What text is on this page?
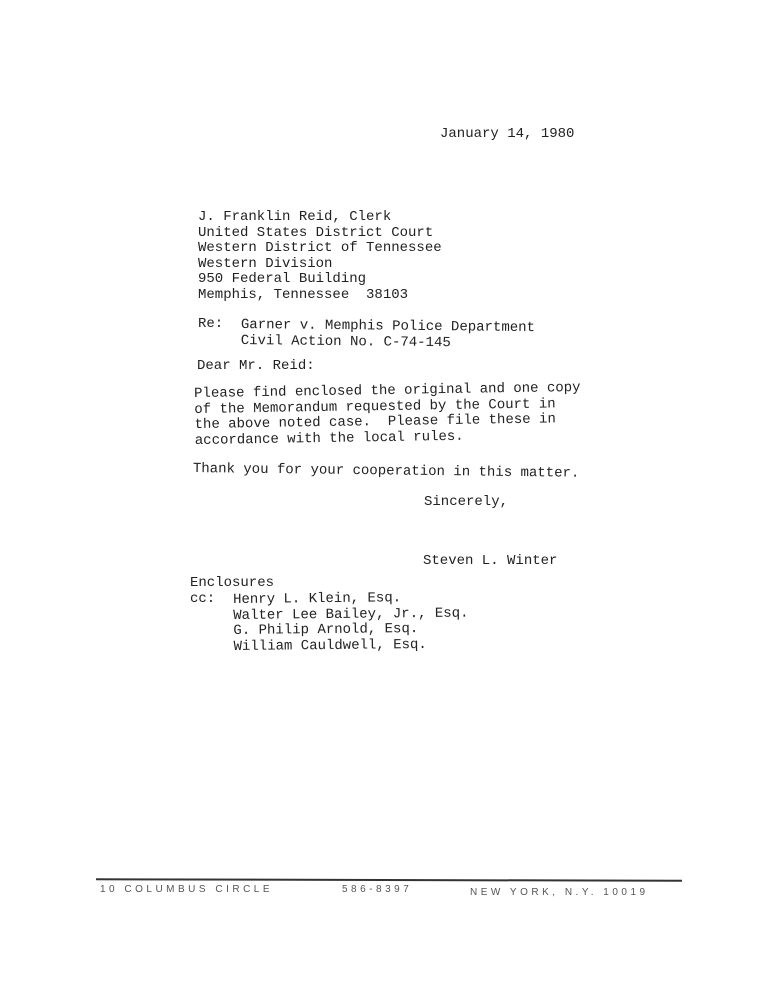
January 14, 1980
J. Franklin Reid, Clerk
United States District Court
Western District of Tennessee
Western Division
950 Federal Building
Memphis, Tennessee  38103
Re: Garner v. Memphis Police Department
Civil Action No. C-74-145
Dear Mr. Reid:
Please find enclosed the original and one copy
of the Memorandum requested by the Court in
the above noted case.  Please file these in
accordance with the local rules.
Thank you for your cooperation in this matter.
Sincerely,
Steven L. Winter
Enclosures
cc: Henry L. Klein, Esq.
Walter Lee Bailey, Jr., Esq.
G. Philip Arnold, Esq.
William Cauldwell, Esq.
10 COLUMBUS CIRCLE	586-8397	NEW YORK, N.Y. 10019
